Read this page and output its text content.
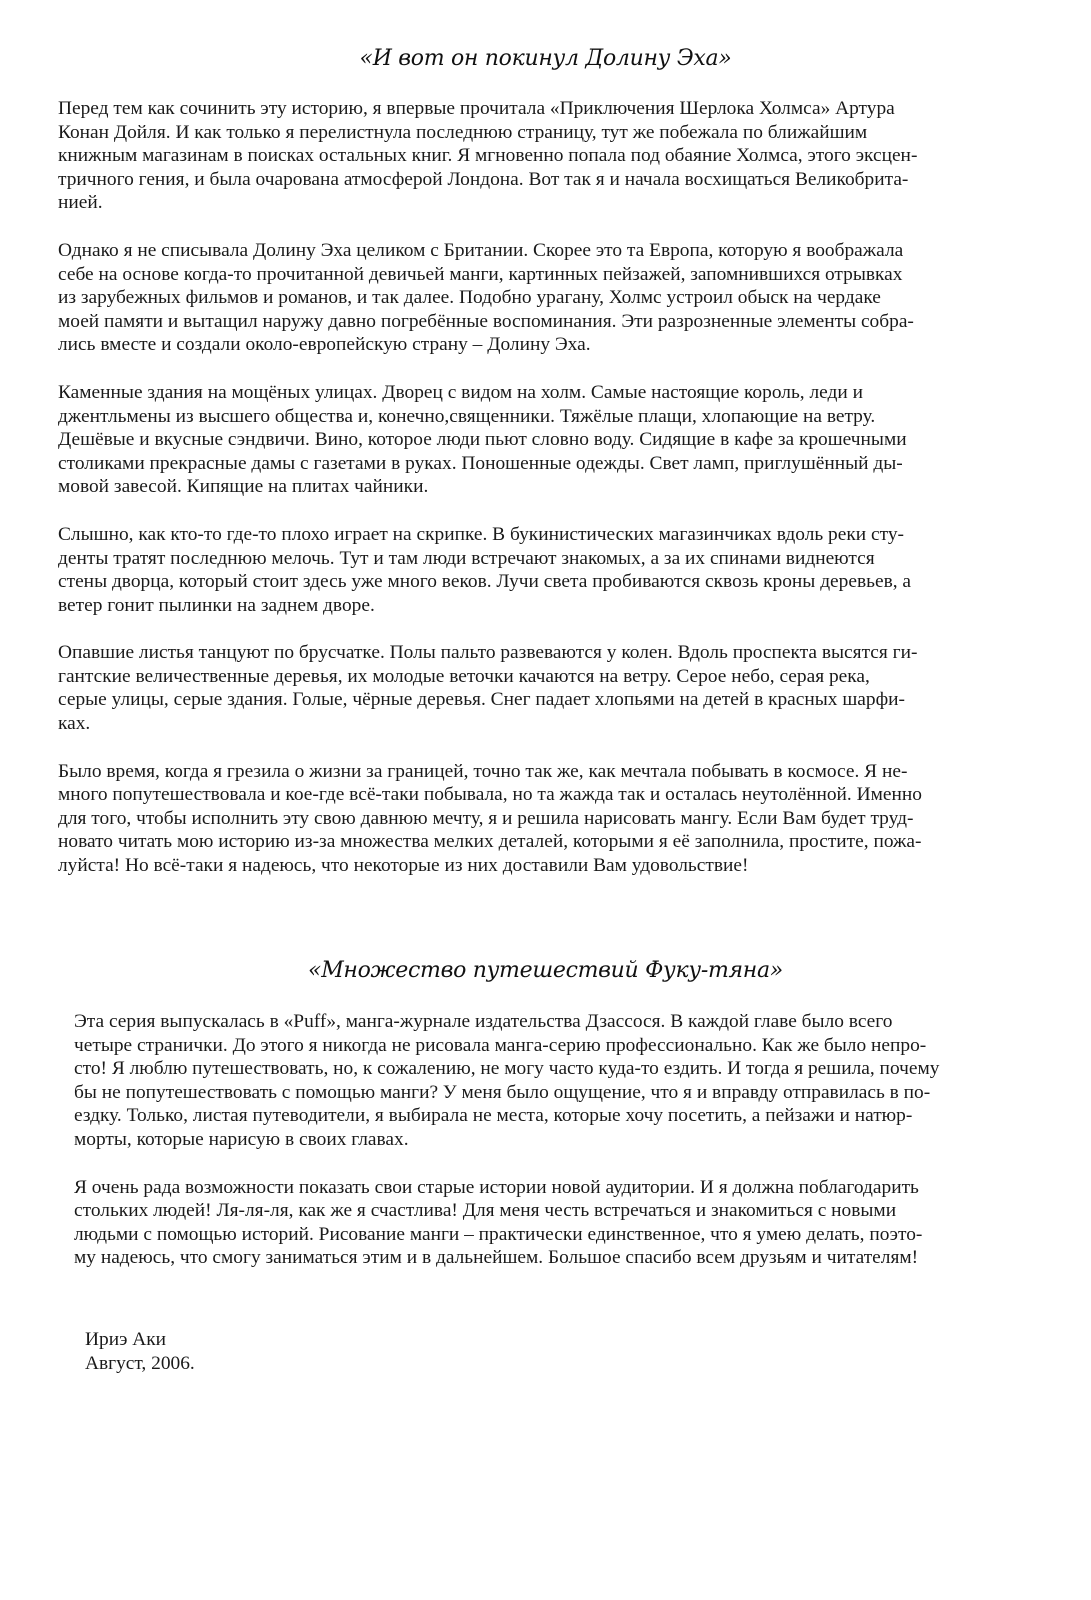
«И вот он покинул Долину Эха»

Перед тем как сочинить эту историю, я впервые прочитала «Приключения Шерлока Холмса» Артура
Конан Дойля. И как только я перелистнула последнюю страницу, тут же побежала по ближайшим
книжным магазинам в поисках остальных книг. Я мгновенно попала под обаяние Холмса, этого эксцен-
тричного гения, и была очарована атмосферой Лондона. Вот так я и начала восхищаться Великобрита-
нией.

Однако я не списывала Долину Эха целиком с Британии. Скорее это та Европа, которую я воображала
себе на основе когда-то прочитанной девичьей манги, картинных пейзажей, запомнившихся отрывках
из зарубежных фильмов и романов, и так далее. Подобно урагану, Холмс устроил обыск на чердаке
моей памяти и вытащил наружу давно погребённые воспоминания. Эти разрозненные элементы собра-
лись вместе и создали около-европейскую страну – Долину Эха.

Каменные здания на мощёных улицах. Дворец с видом на холм. Самые настоящие король, леди и
джентльмены из высшего общества и, конечно,священники. Тяжёлые плащи, хлопающие на ветру.
Дешёвые и вкусные сэндвичи. Вино, которое люди пьют словно воду. Сидящие в кафе за крошечными
столиками прекрасные дамы с газетами в руках. Поношенные одежды. Свет ламп, приглушённый ды-
мовой завесой. Кипящие на плитах чайники.

Слышно, как кто-то где-то плохо играет на скрипке. В букинистических магазинчиках вдоль реки сту-
денты тратят последнюю мелочь. Тут и там люди встречают знакомых, а за их спинами виднеются
стены дворца, который стоит здесь уже много веков. Лучи света пробиваются сквозь кроны деревьев, а
ветер гонит пылинки на заднем дворе.

Опавшие листья танцуют по брусчатке. Полы пальто развеваются у колен. Вдоль проспекта высятся ги-
гантские величественные деревья, их молодые веточки качаются на ветру. Серое небо, серая река,
серые улицы, серые здания. Голые, чёрные деревья. Снег падает хлопьями на детей в красных шарфи-
ках.

Было время, когда я грезила о жизни за границей, точно так же, как мечтала побывать в космосе. Я не-
много попутешествовала и кое-где всё-таки побывала, но та жажда так и осталась неутолённой. Именно
для того, чтобы исполнить эту свою давнюю мечту, я и решила нарисовать мангу. Если Вам будет труд-
новато читать мою историю из-за множества мелких деталей, которыми я её заполнила, простите, пожа-
луйста! Но всё-таки я надеюсь, что некоторые из них доставили Вам удовольствие!

«Множество путешествий Фуку-тяна»

Эта серия выпускалась в «Puff», манга-журнале издательства Дзассося. В каждой главе было всего
четыре странички. До этого я никогда не рисовала манга-серию профессионально. Как же было непро-
сто! Я люблю путешествовать, но, к сожалению, не могу часто куда-то ездить. И тогда я решила, почему
бы не попутешествовать с помощью манги? У меня было ощущение, что я и вправду отправилась в по-
ездку. Только, листая путеводители, я выбирала не места, которые хочу посетить, а пейзажи и натюр-
морты, которые нарисую в своих главах.

Я очень рада возможности показать свои старые истории новой аудитории. И я должна поблагодарить
стольких людей! Ля-ля-ля, как же я счастлива! Для меня честь встречаться и знакомиться с новыми
людьми с помощью историй. Рисование манги – практически единственное, что я умею делать, поэто-
му надеюсь, что смогу заниматься этим и в дальнейшем. Большое спасибо всем друзьям и читателям!

Ириэ Аки
Август, 2006.
